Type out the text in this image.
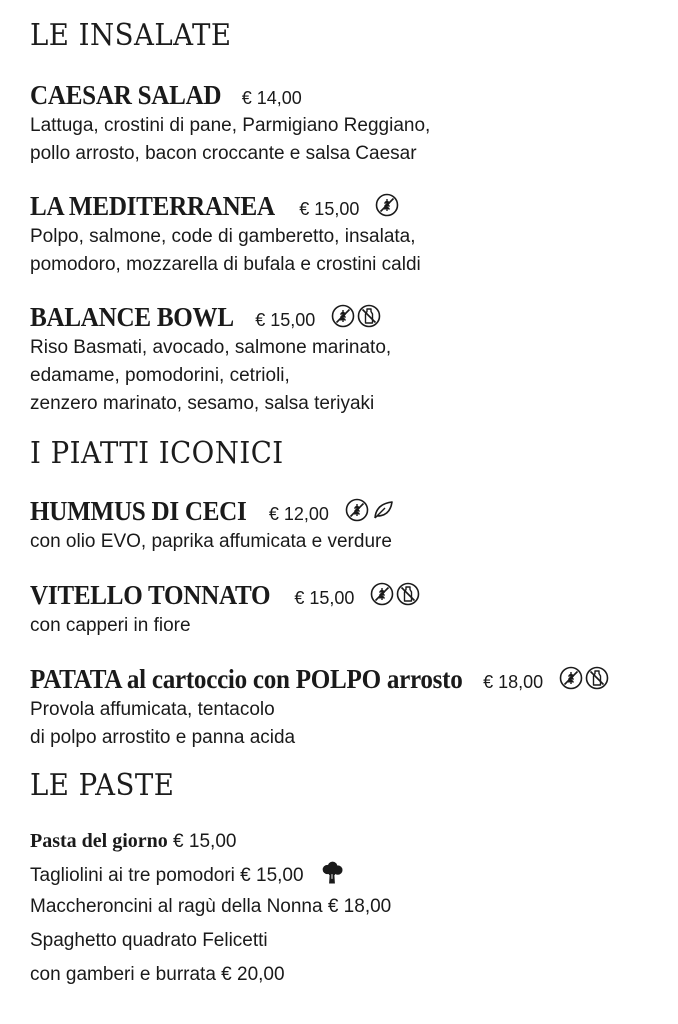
LE INSALATE
CAESAR SALAD € 14,00
Lattuga, crostini di pane, Parmigiano Reggiano,
pollo arrosto, bacon croccante e salsa Caesar
LA MEDITERRANEA € 15,00
Polpo, salmone, code di gamberetto, insalata,
pomodoro, mozzarella di bufala e crostini caldi
BALANCE BOWL € 15,00
Riso Basmati, avocado, salmone marinato,
edamame, pomodorini, cetrioli,
zenzero marinato, sesamo, salsa teriyaki
I PIATTI ICONICI
HUMMUS DI CECI € 12,00
con olio EVO, paprika affumicata e verdure
VITELLO TONNATO € 15,00
con capperi in fiore
PATATA al cartoccio con POLPO arrosto € 18,00
Provola affumicata, tentacolo
di polpo arrostito e panna acida
LE PASTE
Pasta del giorno € 15,00
Tagliolini ai tre pomodori € 15,00
Maccheroncini al ragù della Nonna € 18,00
Spaghetto quadrato Felicetti
con gamberi e burrata € 20,00
